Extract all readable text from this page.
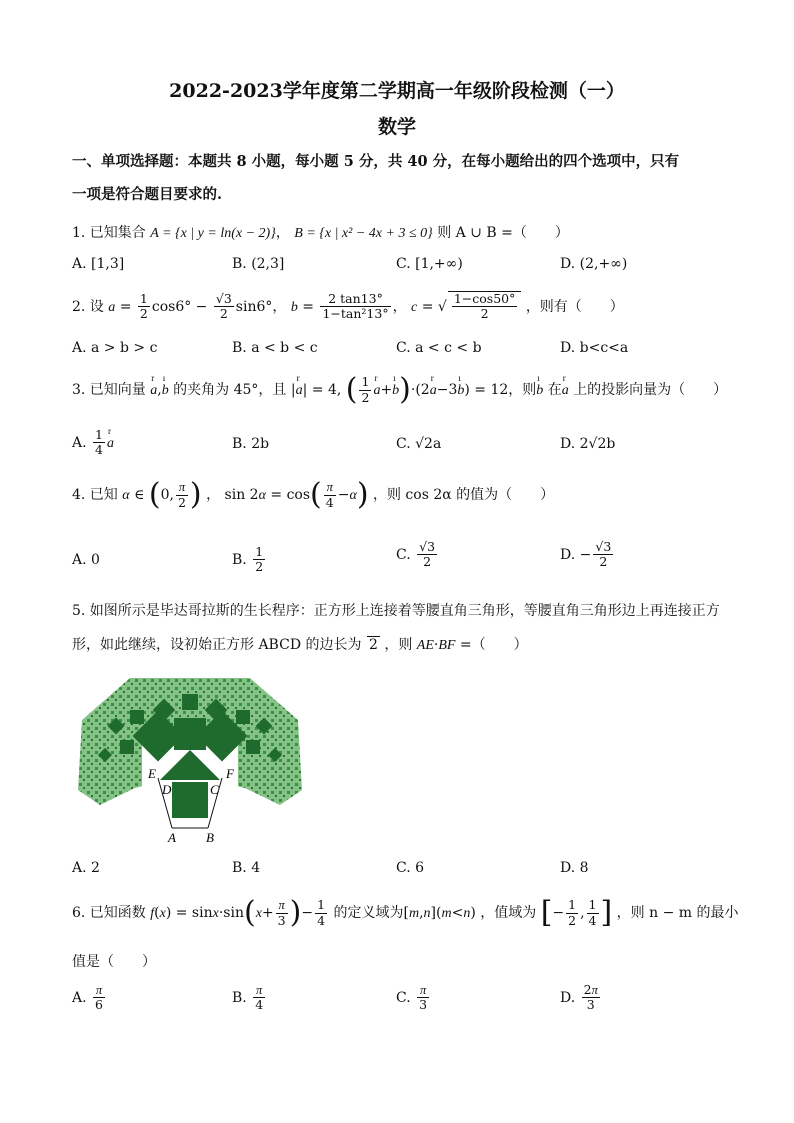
2022-2023学年度第二学期高一年级阶段检测（一）
数学
一、单项选择题：本题共 8 小题，每小题 5 分，共 40 分，在每小题给出的四个选项中，只有
一项是符合题目要求的.
1. 已知集合 A = {x | y = ln(x − 2)}， B = {x | x² − 4x + 3 ≤ 0} 则 A ∪ B =（　　）
A. [1,3]	B. (2,3]	C. [1,+∞)	D. (2,+∞)
2. 设 $a = \frac{1}{2} \cos 6^\circ - \frac{√3}{2} \sin 6^\circ$， $b = \frac{2 \tan 13^\circ}{\text{1−tan²13°}}$ ， c = √ $\frac{1-\cos 50^\circ}{2}$ ，则有（　　）
A. a > b > c	B. a < b < c	C. a < c < b	D. b<c<a
3. 已知向量 r a,ı b 的夹角为 45°，且 |r a| = 4, ( $\frac{1}{2}$ r a+ı b)·(2r a−3ı b) = 12，则ı b 在r a 上的投影向量为（　　）
A. $\frac{1}{4}$ r a	B. 2b	C. √2a	D. 2√2b
4. 已知 α ∈ (0, $\frac{\pi}{2}$ ) ， $\sin 2\alpha = \cos( \frac{\pi}{4} -\alpha)$ ，则 cos 2α 的值为（　　）
A. 0	B. $\frac{1}{2}$	C. $\frac{√3}{2}$	D. − $\frac{√3}{2}$
5. 如图所示是毕达哥拉斯的生长程序：正方形上连接着等腰直角三角形，等腰直角三角形边上再连接正方
形，如此继续，设初始正方形 ABCD 的边长为 2 ，则 AE·BF =（　　）
E
D	C
F
A B
A. 2	B. 4	C. 6	D. 8
6. 已知函数 $f(x) = \sin x\cdot\sin(x+ \frac{\pi}{3}$ )− $\frac{1}{4}$ 的定义域为[m,n](m<n) ，值域为 [− $\frac{1}{2}$ , $\frac{1}{4}$ ] ，则 n − m 的最小
值是（　　）
A. $\frac{\pi}{6}$	B. $\frac{\pi}{4}$	C. $\frac{\pi}{3}$	D. $\frac{2\pi}{3}$
